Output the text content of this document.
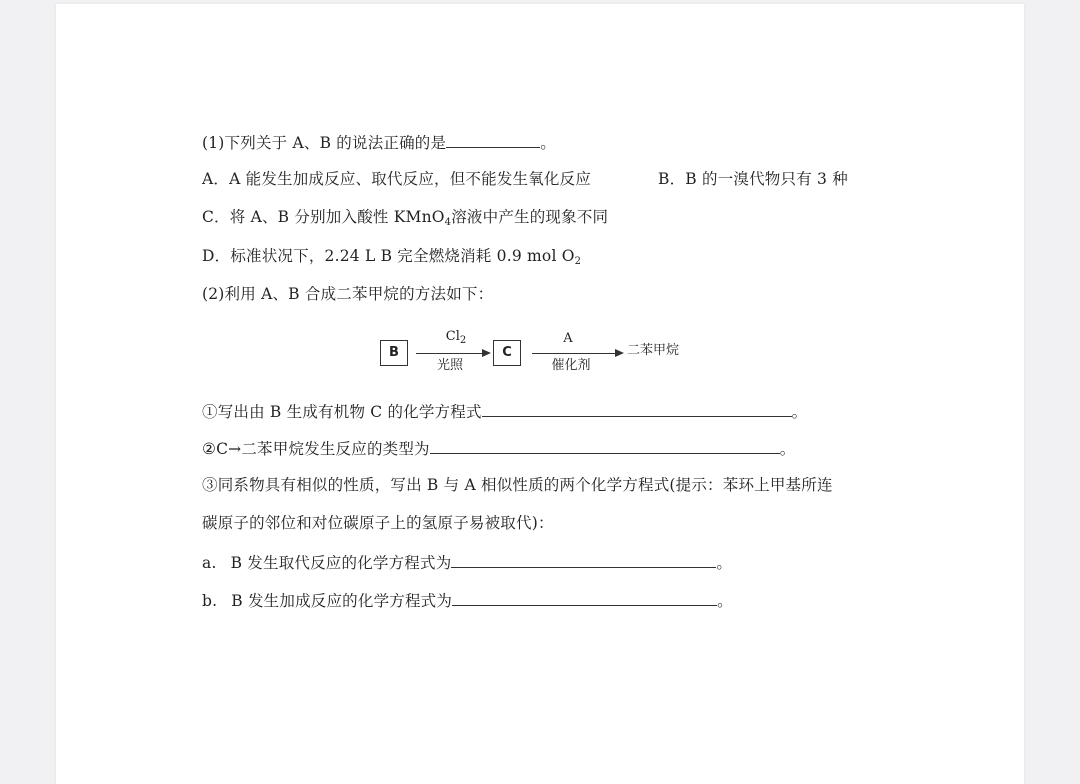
(1)下列关于 A、B 的说法正确的是	。
A．A 能发生加成反应、取代反应，但不能发生氧化反应	B．B 的一溴代物只有 3 种
C．将 A、B 分别加入酸性 KMnO$_4$溶液中产生的现象不同
D．标准状况下，2.24 L B 完全燃烧消耗 0.9 mol $O_2$
(2)利用 A、B 合成二苯甲烷的方法如下：
B
$Cl_2$
光照
C
A
催化剂
二苯甲烷
①写出由 B 生成有机物 C 的化学方程式	。
②C→二苯甲烷发生反应的类型为	。
③同系物具有相似的性质，写出 B 与 A 相似性质的两个化学方程式(提示：苯环上甲基所连
碳原子的邻位和对位碳原子上的氢原子易被取代)：
a. B 发生取代反应的化学方程式为	。
b. B 发生加成反应的化学方程式为	。
